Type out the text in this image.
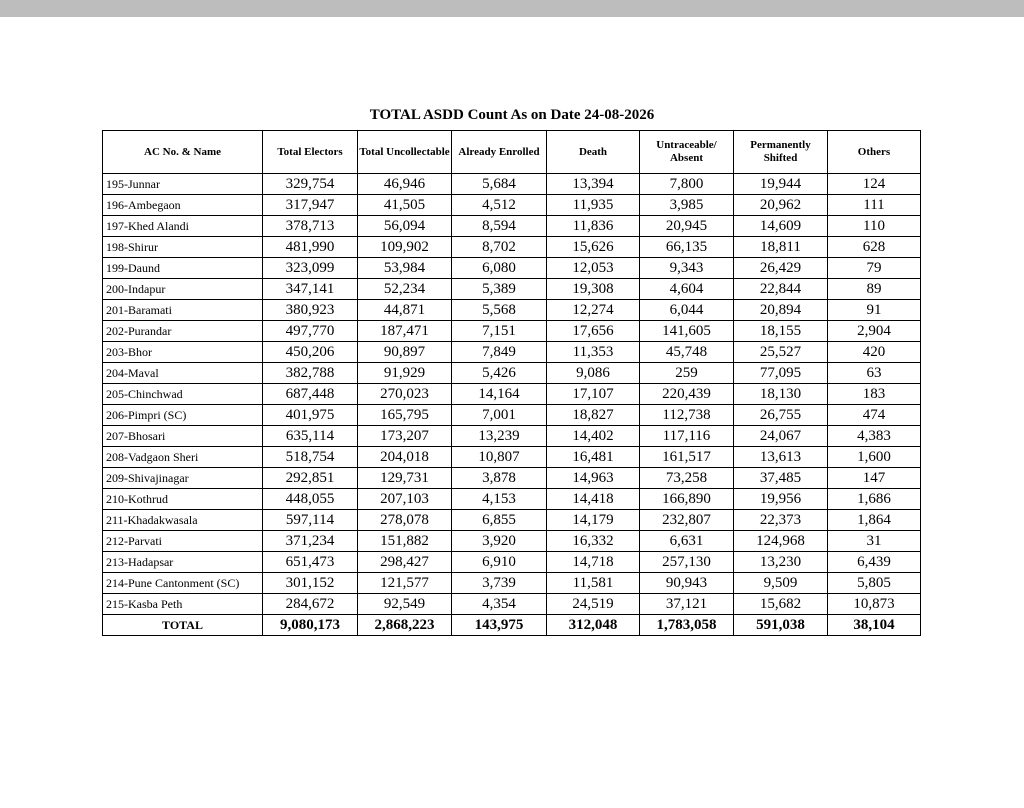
TOTAL ASDD Count As on Date 24-08-2026
AC No. & Name	Total Electors	Total Uncollectable	Already Enrolled	Death	Untraceable/ Absent	Permanently Shifted	Others
195-Junnar	329,754	46,946	5,684	13,394	7,800	19,944	124
196-Ambegaon	317,947	41,505	4,512	11,935	3,985	20,962	111
197-Khed Alandi	378,713	56,094	8,594	11,836	20,945	14,609	110
198-Shirur	481,990	109,902	8,702	15,626	66,135	18,811	628
199-Daund	323,099	53,984	6,080	12,053	9,343	26,429	79
200-Indapur	347,141	52,234	5,389	19,308	4,604	22,844	89
201-Baramati	380,923	44,871	5,568	12,274	6,044	20,894	91
202-Purandar	497,770	187,471	7,151	17,656	141,605	18,155	2,904
203-Bhor	450,206	90,897	7,849	11,353	45,748	25,527	420
204-Maval	382,788	91,929	5,426	9,086	259	77,095	63
205-Chinchwad	687,448	270,023	14,164	17,107	220,439	18,130	183
206-Pimpri (SC)	401,975	165,795	7,001	18,827	112,738	26,755	474
207-Bhosari	635,114	173,207	13,239	14,402	117,116	24,067	4,383
208-Vadgaon Sheri	518,754	204,018	10,807	16,481	161,517	13,613	1,600
209-Shivajinagar	292,851	129,731	3,878	14,963	73,258	37,485	147
210-Kothrud	448,055	207,103	4,153	14,418	166,890	19,956	1,686
211-Khadakwasala	597,114	278,078	6,855	14,179	232,807	22,373	1,864
212-Parvati	371,234	151,882	3,920	16,332	6,631	124,968	31
213-Hadapsar	651,473	298,427	6,910	14,718	257,130	13,230	6,439
214-Pune Cantonment (SC)	301,152	121,577	3,739	11,581	90,943	9,509	5,805
215-Kasba Peth	284,672	92,549	4,354	24,519	37,121	15,682	10,873
TOTAL	9,080,173	2,868,223	143,975	312,048	1,783,058	591,038	38,104
